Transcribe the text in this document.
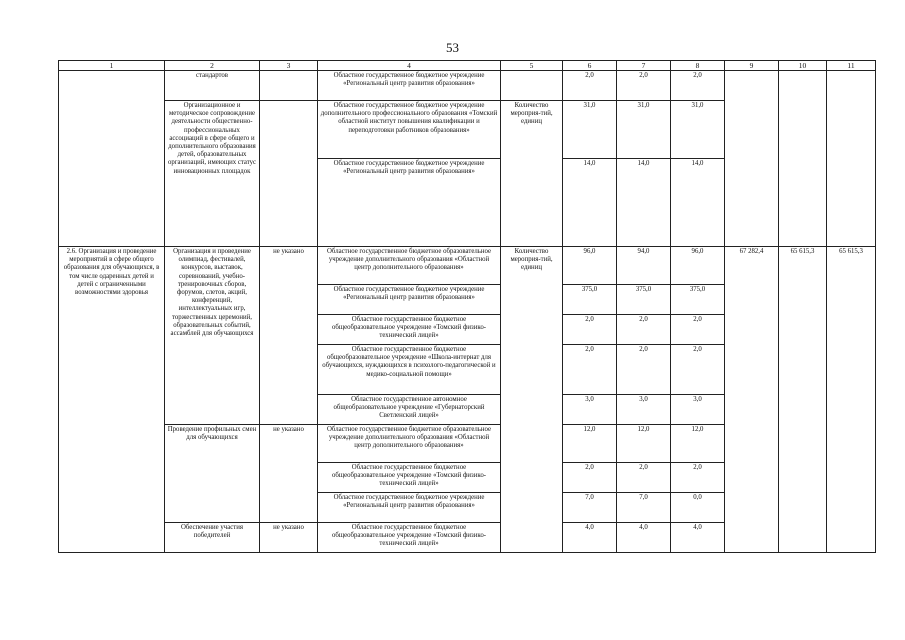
53
1	2	3	4	5	6	7	8	9	10	11
	стандартов		Областное государственное бюджетное учреждение «Региональный центр развития образования»		2,0	2,0	2,0			
	Организационное и методическое сопровождение деятельности общественно-профессиональных ассоциаций в сфере общего и дополнительного образования детей, образовательных организаций, имеющих статус инновационных площадок		Областное государственное бюджетное учреждение дополнительного профессионального образования «Томский областной институт повышения квалификации и переподготовки работников образования»	Количество мероприя-тий, единиц	31,0	31,0	31,0			
			Областное государственное бюджетное учреждение «Региональный центр развития образования»		14,0	14,0	14,0			
2.6. Организация и проведение мероприятий в сфере общего образования для обучающихся, в том числе одаренных детей и детей с ограниченными возможностями здоровья	Организация и проведение олимпиад, фестивалей, конкурсов, выставок, соревнований, учебно-тренировочных сборов, форумов, слетов, акций, конференций, интеллектуальных игр, торжественных церемоний, образовательных событий, ассамблей для обучающихся	не указано	Областное государственное бюджетное образовательное учреждение дополнительного образования «Областной центр дополнительного образования»	Количество мероприя-тий, единиц	96,0	94,0	96,0	67 282,4	65 615,3	65 615,3
			Областное государственное бюджетное учреждение «Региональный центр развития образования»		375,0	375,0	375,0			
			Областное государственное бюджетное общеобразовательное учреждение «Томский физико-технический лицей»		2,0	2,0	2,0			
			Областное государственное бюджетное общеобразовательное учреждение «Школа-интернат для обучающихся, нуждающихся в психолого-педагогической и медико-социальной помощи»		2,0	2,0	2,0			
			Областное государственное автономное общеобразовательное учреждение «Губернаторский Светленский лицей»		3,0	3,0	3,0			
	Проведение профильных смен для обучающихся	не указано	Областное государственное бюджетное образовательное учреждение дополнительного образования «Областной центр дополнительного образования»		12,0	12,0	12,0			
			Областное государственное бюджетное общеобразовательное учреждение «Томский физико-технический лицей»		2,0	2,0	2,0			
			Областное государственное бюджетное учреждение «Региональный центр развития образования»		7,0	7,0	0,0			
	Обеспечение участия победителей	не указано	Областное государственное бюджетное общеобразовательное учреждение «Томский физико-технический лицей»		4,0	4,0	4,0			
